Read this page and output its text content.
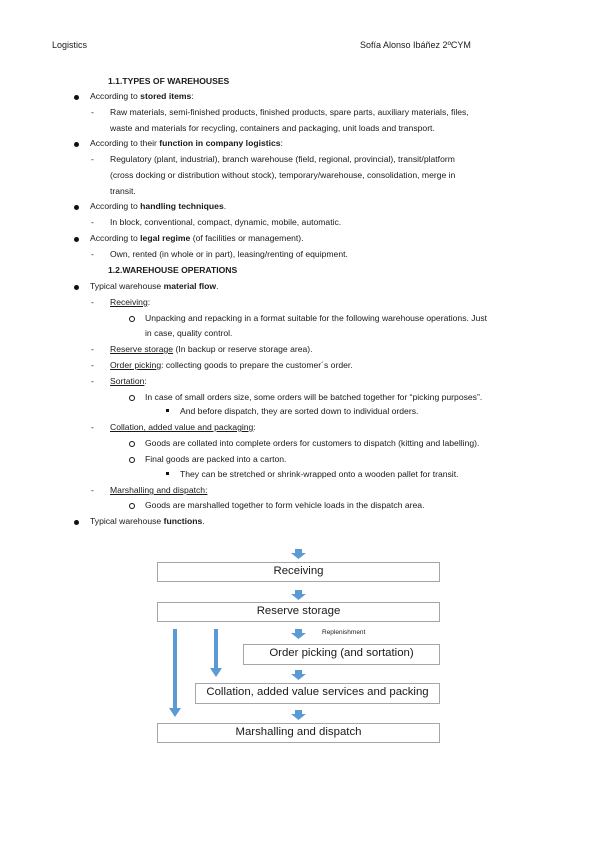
Logistics	Sofía Alonso Ibáñez 2ºCYM
1.1.TYPES OF WAREHOUSES
According to stored items:
- Raw materials, semi-finished products, finished products, spare parts, auxiliary materials, files,
waste and materials for recycling, containers and packaging, unit loads and transport.
According to their function in company logistics:
- Regulatory (plant, industrial), branch warehouse (field, regional, provincial), transit/platform
(cross docking or distribution without stock), temporary/warehouse, consolidation, merge in
transit.
According to handling techniques.
- In block, conventional, compact, dynamic, mobile, automatic.
According to legal regime (of facilities or management).
- Own, rented (in whole or in part), leasing/renting of equipment.
1.2.WAREHOUSE OPERATIONS
Typical warehouse material flow.
- Receiving:
Unpacking and repacking in a format suitable for the following warehouse operations. Just
in case, quality control.
- Reserve storage (In backup or reserve storage area).
- Order picking: collecting goods to prepare the customer´s order.
- Sortation:
In case of small orders size, some orders will be batched together for “picking purposes”.
And before dispatch, they are sorted down to individual orders.
- Collation, added value and packaging:
Goods are collated into complete orders for customers to dispatch (kitting and labelling).
Final goods are packed into a carton.
They can be stretched or shrink-wrapped onto a wooden pallet for transit.
- Marshalling and dispatch:
Goods are marshalled together to form vehicle loads in the dispatch area.
Typical warehouse functions.
Receiving
Reserve storage
Replenishment
Order picking (and sortation)
Collation, added value services and packing
Marshalling and dispatch
